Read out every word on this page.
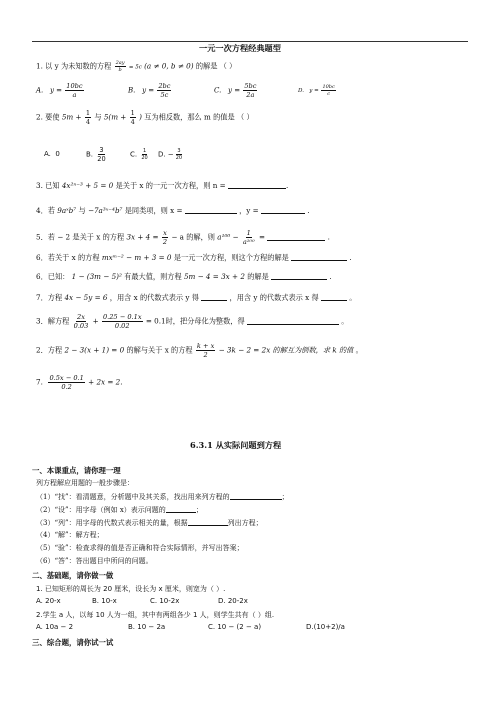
一元一次方程经典题型
1. 以 y 为未知数的方程 $\frac{2ay}{b} = 5c$ (a ≠ 0, b ≠ 0) 的解是 （ ）
A. $y = \frac{10bc}{a}$	B. $y = \frac{2bc}{5c}$	C. $y = \frac{5bc}{2a}$	D. $y = \frac{10bc}{c}$
2. 要使 $5m + \frac{1}{4}$ 与 $5(m + \frac{1}{4}$ ) 互为相反数，那么 m 的值是 （ ）
A. 0	B. $\frac{3}{20}$	C. $\frac{1}{20} D$. − $\frac{3}{20}$
3. 已知 4x²ⁿ⁻³ + 5 = 0 是关于 x 的一元一次方程，则 n =	.
4．若 9aˣb⁷ 与 −7a³ˣ⁻⁴b⁷ 是同类项，则 x =	，y =	.
5．若 − 2 是关于 x 的方程 $3x + 4 = \frac{x}{2} - a$ 的解，则 $a^{100} - \frac{1}{\text{a¹⁰⁰}}$ =	.
6．若关于 x 的方程 mxᵐ⁻² − m + 3 = 0 是一元一次方程，则这个方程的解是	.
6．已知： 1 − (3m − 5)² 有最大值，则方程 5m − 4 = 3x + 2 的解是	.
7．方程 4x − 5y = 6 ，用含 x 的代数式表示 y 得	，用含 y 的代数式表示 x 得	。
3．解方程 $\frac{2x}{0.03} + \frac{0.25 - 0.1x}{0.02} = 0.1$时，把分母化为整数，得	。
2．方程 2 − 3(x + 1) = 0 的解与关于 x 的方程 $\frac{k + x}{2} - 3k - 2 = 2x$ 的解互为倒数，求 k 的值 。
7. $\frac{0.5x - 0.1}{0.2} + 2x = 2$.
6.3.1 从实际问题到方程
一、本课重点，请你理一理
列方程解应用题的一般步骤是：
（1）“找”：看清题意，分析题中及其关系，找出用来列方程的	；
（2）“设”：用字母（例如 x）表示问题的	；
（3）“列”：用字母的代数式表示相关的量，根据	列出方程；
（4）“解”：解方程；
（5）“验”：检查求得的值是否正确和符合实际情形，并写出答案；
（6）“答”：答出题目中所问的问题。
二、基础题，请你做一做
1. 已知矩形的周长为 20 厘米，设长为 x 厘米，则宽为（ ）.
A. 20-x	B. 10-x	C. 10-2x	D. 20-2x
2.学生 a 人，以每 10 人为一组，其中有两组各少 1 人，则学生共有（ ）组.
A. 10a − 2	B. 10 − 2a	C. 10 − (2 − a)	D.(10+2)/a
三、综合题，请你试一试
